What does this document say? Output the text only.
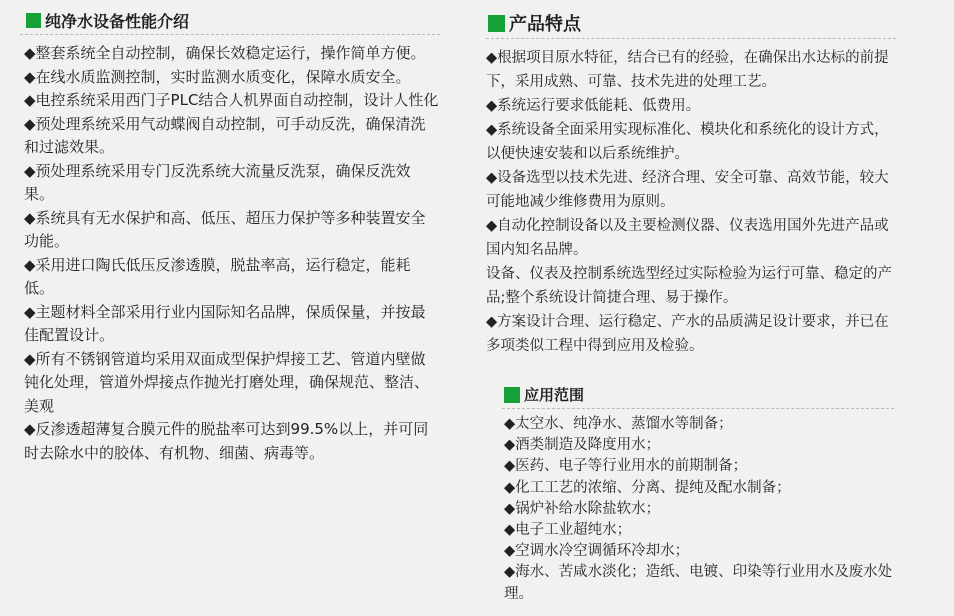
纯净水设备性能介绍
◆整套系统全自动控制，确保长效稳定运行，操作简单方便。
◆在线水质监测控制，实时监测水质变化，保障水质安全。
◆电控系统采用西门子PLC结合人机界面自动控制，设计人性化
◆预处理系统采用气动蝶阀自动控制，可手动反洗，确保清洗和过滤效果。
◆预处理系统采用专门反洗系统大流量反洗泵，确保反洗效果。
◆系统具有无水保护和高、低压、超压力保护等多种装置安全功能。
◆采用进口陶氏低压反渗透膜，脱盐率高，运行稳定，能耗低。
◆主题材料全部采用行业内国际知名品牌，保质保量，并按最佳配置设计。
◆所有不锈钢管道均采用双面成型保护焊接工艺、管道内壁做钝化处理，管道外焊接点作抛光打磨处理，确保规范、整洁、美观
◆反渗透超薄复合膜元件的脱盐率可达到99.5%以上，并可同时去除水中的胶体、有机物、细菌、病毒等。
产品特点
◆根据项目原水特征，结合已有的经验，在确保出水达标的前提下，采用成熟、可靠、技术先进的处理工艺。
◆系统运行要求低能耗、低费用。
◆系统设备全面采用实现标准化、模块化和系统化的设计方式，以便快速安装和以后系统维护。
◆设备选型以技术先进、经济合理、安全可靠、高效节能，较大可能地减少维修费用为原则。
◆自动化控制设备以及主要检测仪器、仪表选用国外先进产品或国内知名品牌。
设备、仪表及控制系统选型经过实际检验为运行可靠、稳定的产品;整个系统设计简捷合理、易于操作。
◆方案设计合理、运行稳定、产水的品质满足设计要求，并已在多项类似工程中得到应用及检验。
应用范围
◆太空水、纯净水、蒸馏水等制备；
◆酒类制造及降度用水；
◆医药、电子等行业用水的前期制备；
◆化工工艺的浓缩、分离、提纯及配水制备；
◆锅炉补给水除盐软水；
◆电子工业超纯水；
◆空调水冷空调循环冷却水；
◆海水、苦咸水淡化；造纸、电镀、印染等行业用水及废水处理。
